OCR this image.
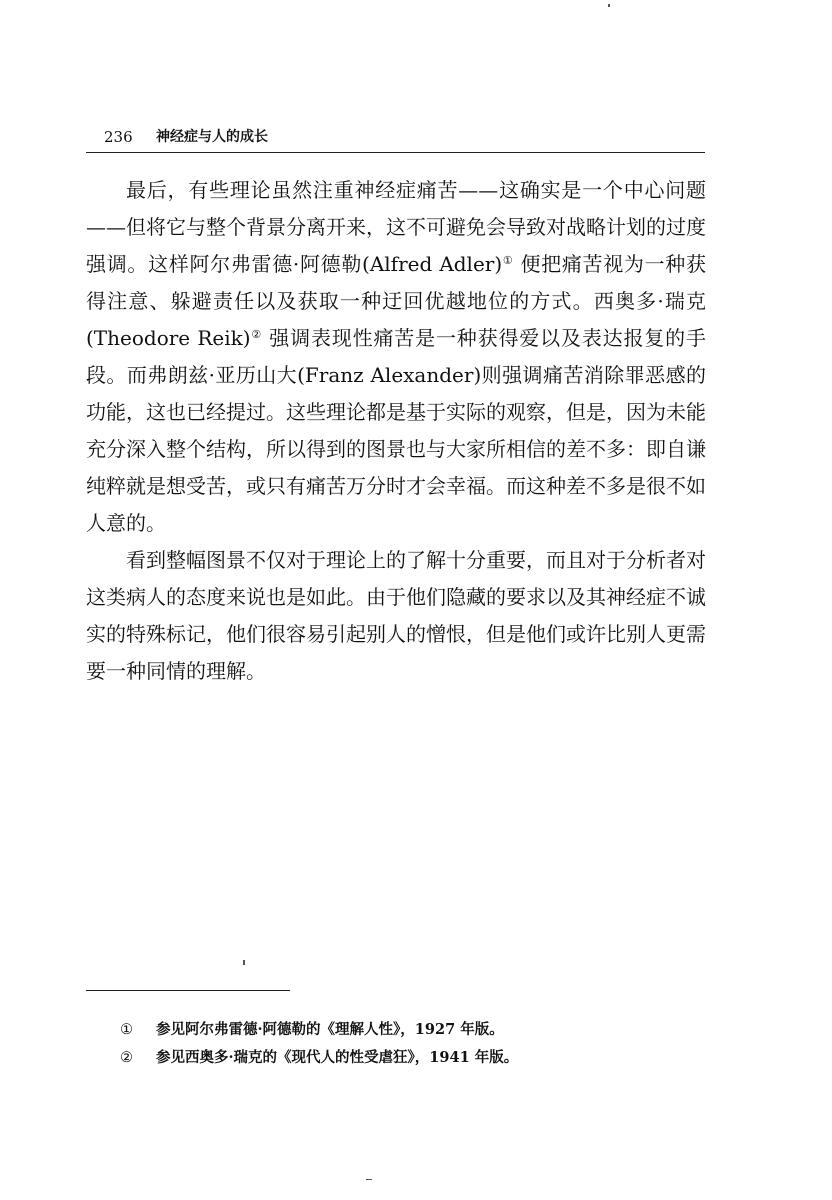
236 神经症与人的成长

最后，有些理论虽然注重神经症痛苦——这确实是一个中心问题——但将它与整个背景分离开来，这不可避免会导致对战略计划的过度强调。这样阿尔弗雷德·阿德勒(Alfred Adler)① 便把痛苦视为一种获得注意、躲避责任以及获取一种迂回优越地位的方式。西奥多·瑞克(Theodore Reik)② 强调表现性痛苦是一种获得爱以及表达报复的手段。而弗朗兹·亚历山大(Franz Alexander)则强调痛苦消除罪恶感的功能，这也已经提过。这些理论都是基于实际的观察，但是，因为未能充分深入整个结构，所以得到的图景也与大家所相信的差不多：即自谦纯粹就是想受苦，或只有痛苦万分时才会幸福。而这种差不多是很不如人意的。

看到整幅图景不仅对于理论上的了解十分重要，而且对于分析者对这类病人的态度来说也是如此。由于他们隐藏的要求以及其神经症不诚实的特殊标记，他们很容易引起别人的憎恨，但是他们或许比别人更需要一种同情的理解。

①	参见阿尔弗雷德·阿德勒的《理解人性》，1927 年版。
②	参见西奥多·瑞克的《现代人的性受虐狂》，1941 年版。
